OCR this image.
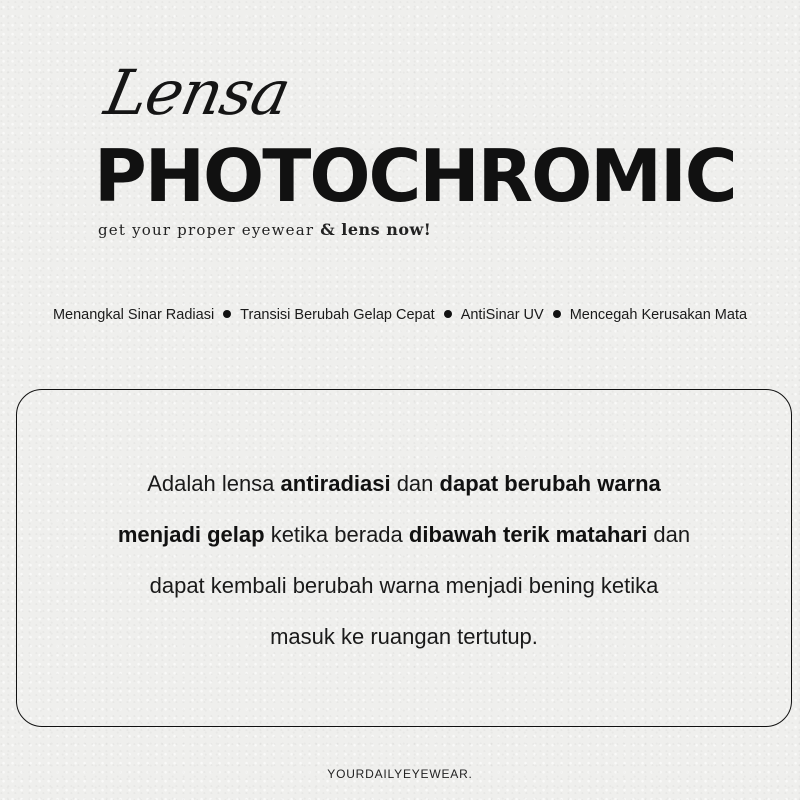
Lensa
PHOTOCHROMIC
get your proper eyewear & lens now!
Menangkal Sinar Radiasi Transisi Berubah Gelap Cepat AntiSinar UV Mencegah Kerusakan Mata
Adalah lensa antiradiasi dan dapat berubah warna
menjadi gelap ketika berada dibawah terik matahari dan
dapat kembali berubah warna menjadi bening ketika
masuk ke ruangan tertutup.
YOURDAILYEYEWEAR.
